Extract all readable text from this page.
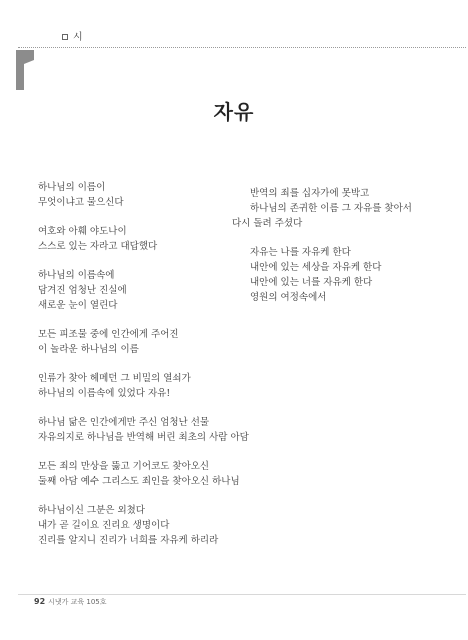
시
자유
하나님의 이름이
무엇이냐고 물으신다
여호와 아훼 야도나이
스스로 있는 자라고 대답했다
하나님의 이름속에
담겨진 엄청난 진실에
새로운 눈이 열린다
모든 피조물 중에 인간에게 주어진
이 놀라운 하나님의 이름
인류가 찾아 헤메던 그 비밀의 열쇠가
하나님의 이름속에 있었다 자유!
하나님 닮은 인간에게만 주신 엄청난 선물
자유의지로 하나님을 반역해 버린 최초의 사람 아담
모든 죄의 만상을 뚫고 기어코도 찾아오신
둘째 아담 예수 그리스도 죄인을 찾아오신 하나님
하나님이신 그분은 외쳤다
내가 곧 길이요 진리요 생명이다
진리를 알지니 진리가 너희를 자유케 하리라
반역의 죄를 십자가에 못박고
하나님의 존귀한 이름 그 자유를 찾아서
다시 돌려 주셨다
자유는 나를 자유케 한다
내안에 있는 세상을 자유케 한다
내안에 있는 너를 자유케 한다
영원의 여정속에서
92 시냇가 교육 105호
